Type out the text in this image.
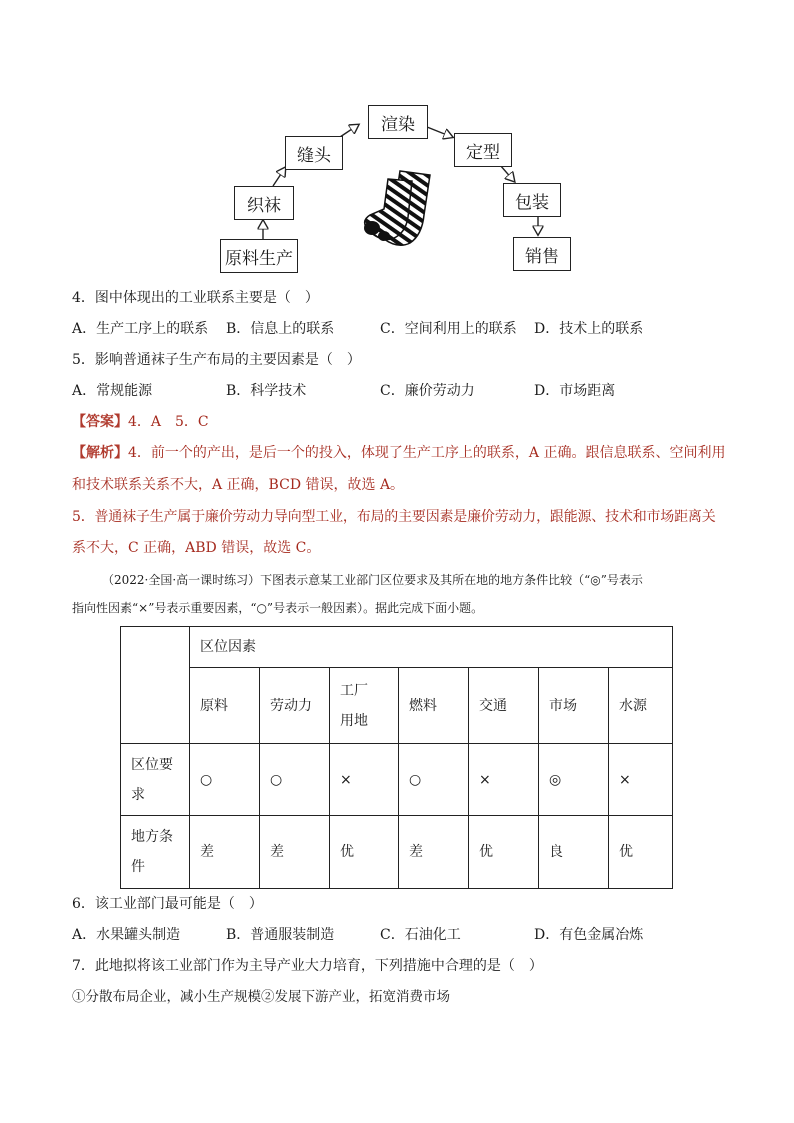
原料生产
织袜
缝头
渲染
定型
包装
销售
4．图中体现出的工业联系主要是（　）
A．生产工序上的联系 B．信息上的联系	C．空间利用上的联系 D．技术上的联系
5．影响普通袜子生产布局的主要因素是（　）
A．常规能源	B．科学技术	C．廉价劳动力	D．市场距离
【答案】4．A　5．C
【解析】4．前一个的产出，是后一个的投入，体现了生产工序上的联系，A 正确。跟信息联系、空间利用
和技术联系关系不大，A 正确，BCD 错误，故选 A。
5．普通袜子生产属于廉价劳动力导向型工业，布局的主要因素是廉价劳动力，跟能源、技术和市场距离关
系不大，C 正确，ABD 错误，故选 C。
（2022·全国·高一课时练习）下图表示意某工业部门区位要求及其所在地的地方条件比较（“◎”号表示
指向性因素“×”号表示重要因素，“○”号表示一般因素）。据此完成下面小题。
	区位因素						
	原料	劳动力	工厂用地	燃料	交通	市场	水源
区位要求	○	○	×	○	×	◎	×
地方条件	差	差	优	差	优	良	优
6．该工业部门最可能是（　）
A．水果罐头制造	B．普通服装制造	C．石油化工	D．有色金属冶炼
7．此地拟将该工业部门作为主导产业大力培育，下列措施中合理的是（　）
①分散布局企业，减小生产规模②发展下游产业，拓宽消费市场
